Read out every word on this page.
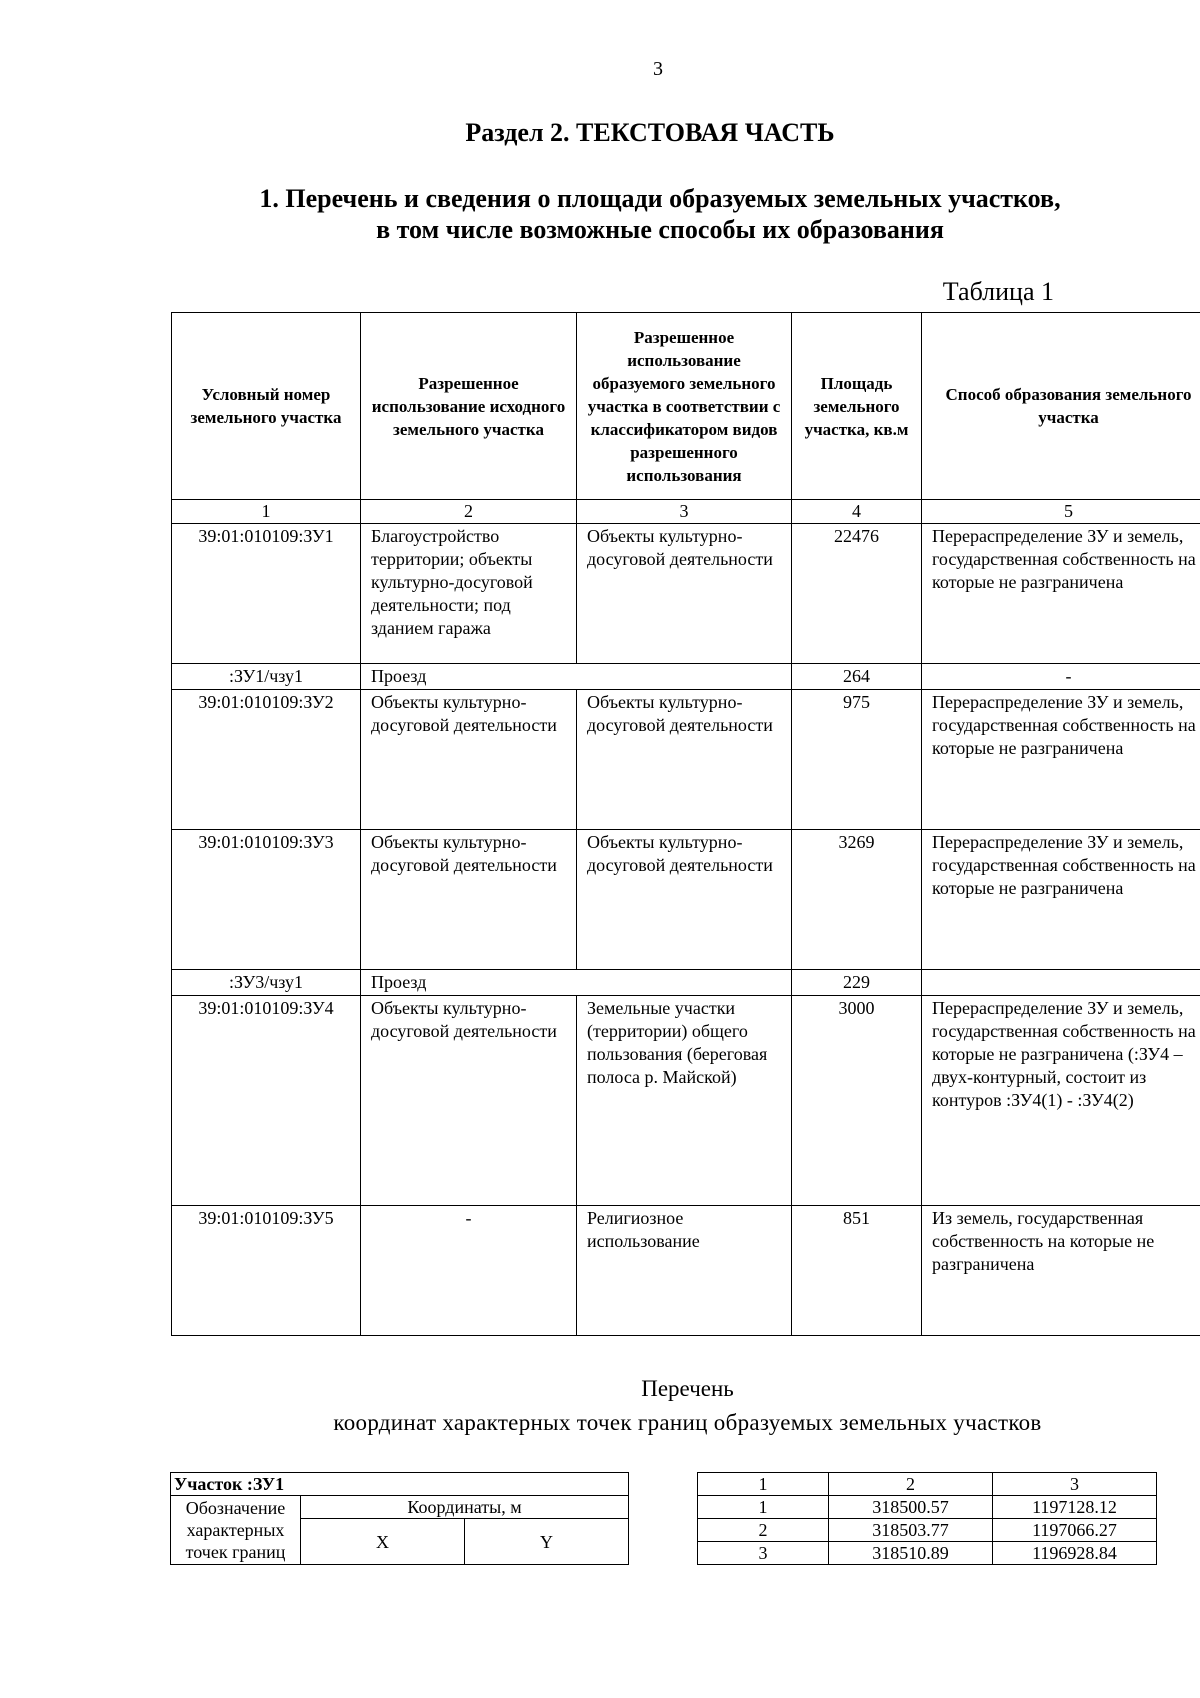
3
Раздел 2. ТЕКСТОВАЯ ЧАСТЬ
1. Перечень и сведения о площади образуемых земельных участков,
в том числе возможные способы их образования
Таблица 1
Условный номер земельного участка	Разрешенное использование исходного земельного участка	Разрешенное использование образуемого земельного участка в соответствии с классификатором видов разрешенного использования	Площадь земельного участка, кв.м	Способ образования земельного участка
1	2	3	4	5
39:01:010109:ЗУ1	Благоустройство территории; объекты культурно-досуговой деятельности; под зданием гаража	Объекты культурно-досуговой деятельности	22476	Перераспределение ЗУ и земель, государственная собственность на которые не разграничена
:ЗУ1/чзу1	Проезд		264	-
39:01:010109:ЗУ2	Объекты культурно-досуговой деятельности	Объекты культурно-досуговой деятельности	975	Перераспределение ЗУ и земель, государственная собственность на которые не разграничена
39:01:010109:ЗУ3	Объекты культурно-досуговой деятельности	Объекты культурно-досуговой деятельности	3269	Перераспределение ЗУ и земель, государственная собственность на которые не разграничена
:ЗУ3/чзу1	Проезд		229	
39:01:010109:ЗУ4	Объекты культурно-досуговой деятельности	Земельные участки (территории) общего пользования (береговая полоса р. Майской)	3000	Перераспределение ЗУ и земель, государственная собственность на которые не разграничена (:ЗУ4 – двух-контурный, состоит из контуров :ЗУ4(1) - :ЗУ4(2)
39:01:010109:ЗУ5	-	Религиозное использование	851	Из земель, государственная собственность на которые не разграничена
Перечень
координат характерных точек границ образуемых земельных участков
Участок :ЗУ1		
Обозначение характерных точек границ	Координаты, м	
	X	Y
1	2	3
1	318500.57	1197128.12
2	318503.77	1197066.27
3	318510.89	1196928.84
